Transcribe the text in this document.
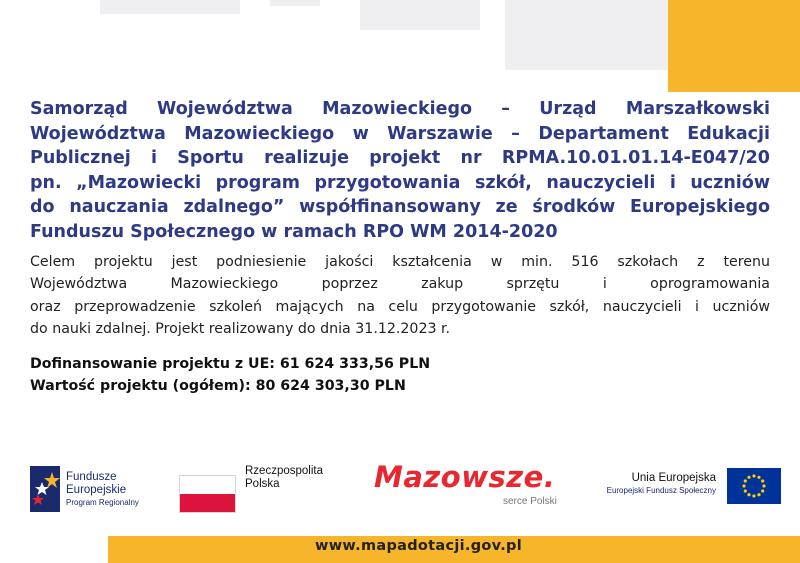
Samorząd Województwa Mazowieckiego – Urząd Marszałkowski

Województwa Mazowieckiego w Warszawie – Departament Edukacji

Publicznej i Sportu realizuje projekt nr RPMA.10.01.01.14-E047/20

pn. „Mazowiecki program przygotowania szkół, nauczycieli i uczniów

do nauczania zdalnego” współfinansowany ze środków Europejskiego

Funduszu Społecznego w ramach RPO WM 2014-2020

Celem projektu jest podniesienie jakości kształcenia w min. 516 szkołach z terenu

Województwa Mazowieckiego poprzez zakup sprzętu i oprogramowania

oraz przeprowadzenie szkoleń mających na celu przygotowanie szkół, nauczycieli i uczniów

do nauki zdalnej. Projekt realizowany do dnia 31.12.2023 r.

Dofinansowanie projektu z UE: 61 624 333,56 PLN

Wartość projektu (ogółem): 80 624 303,30 PLN

Fundusze
Europejskie
Program Regionalny
Rzeczpospolita
Polska	Mazowsze.
serce Polski
Unia Europejska
Europejski Fundusz Społeczny
www.mapadotacji.gov.pl
